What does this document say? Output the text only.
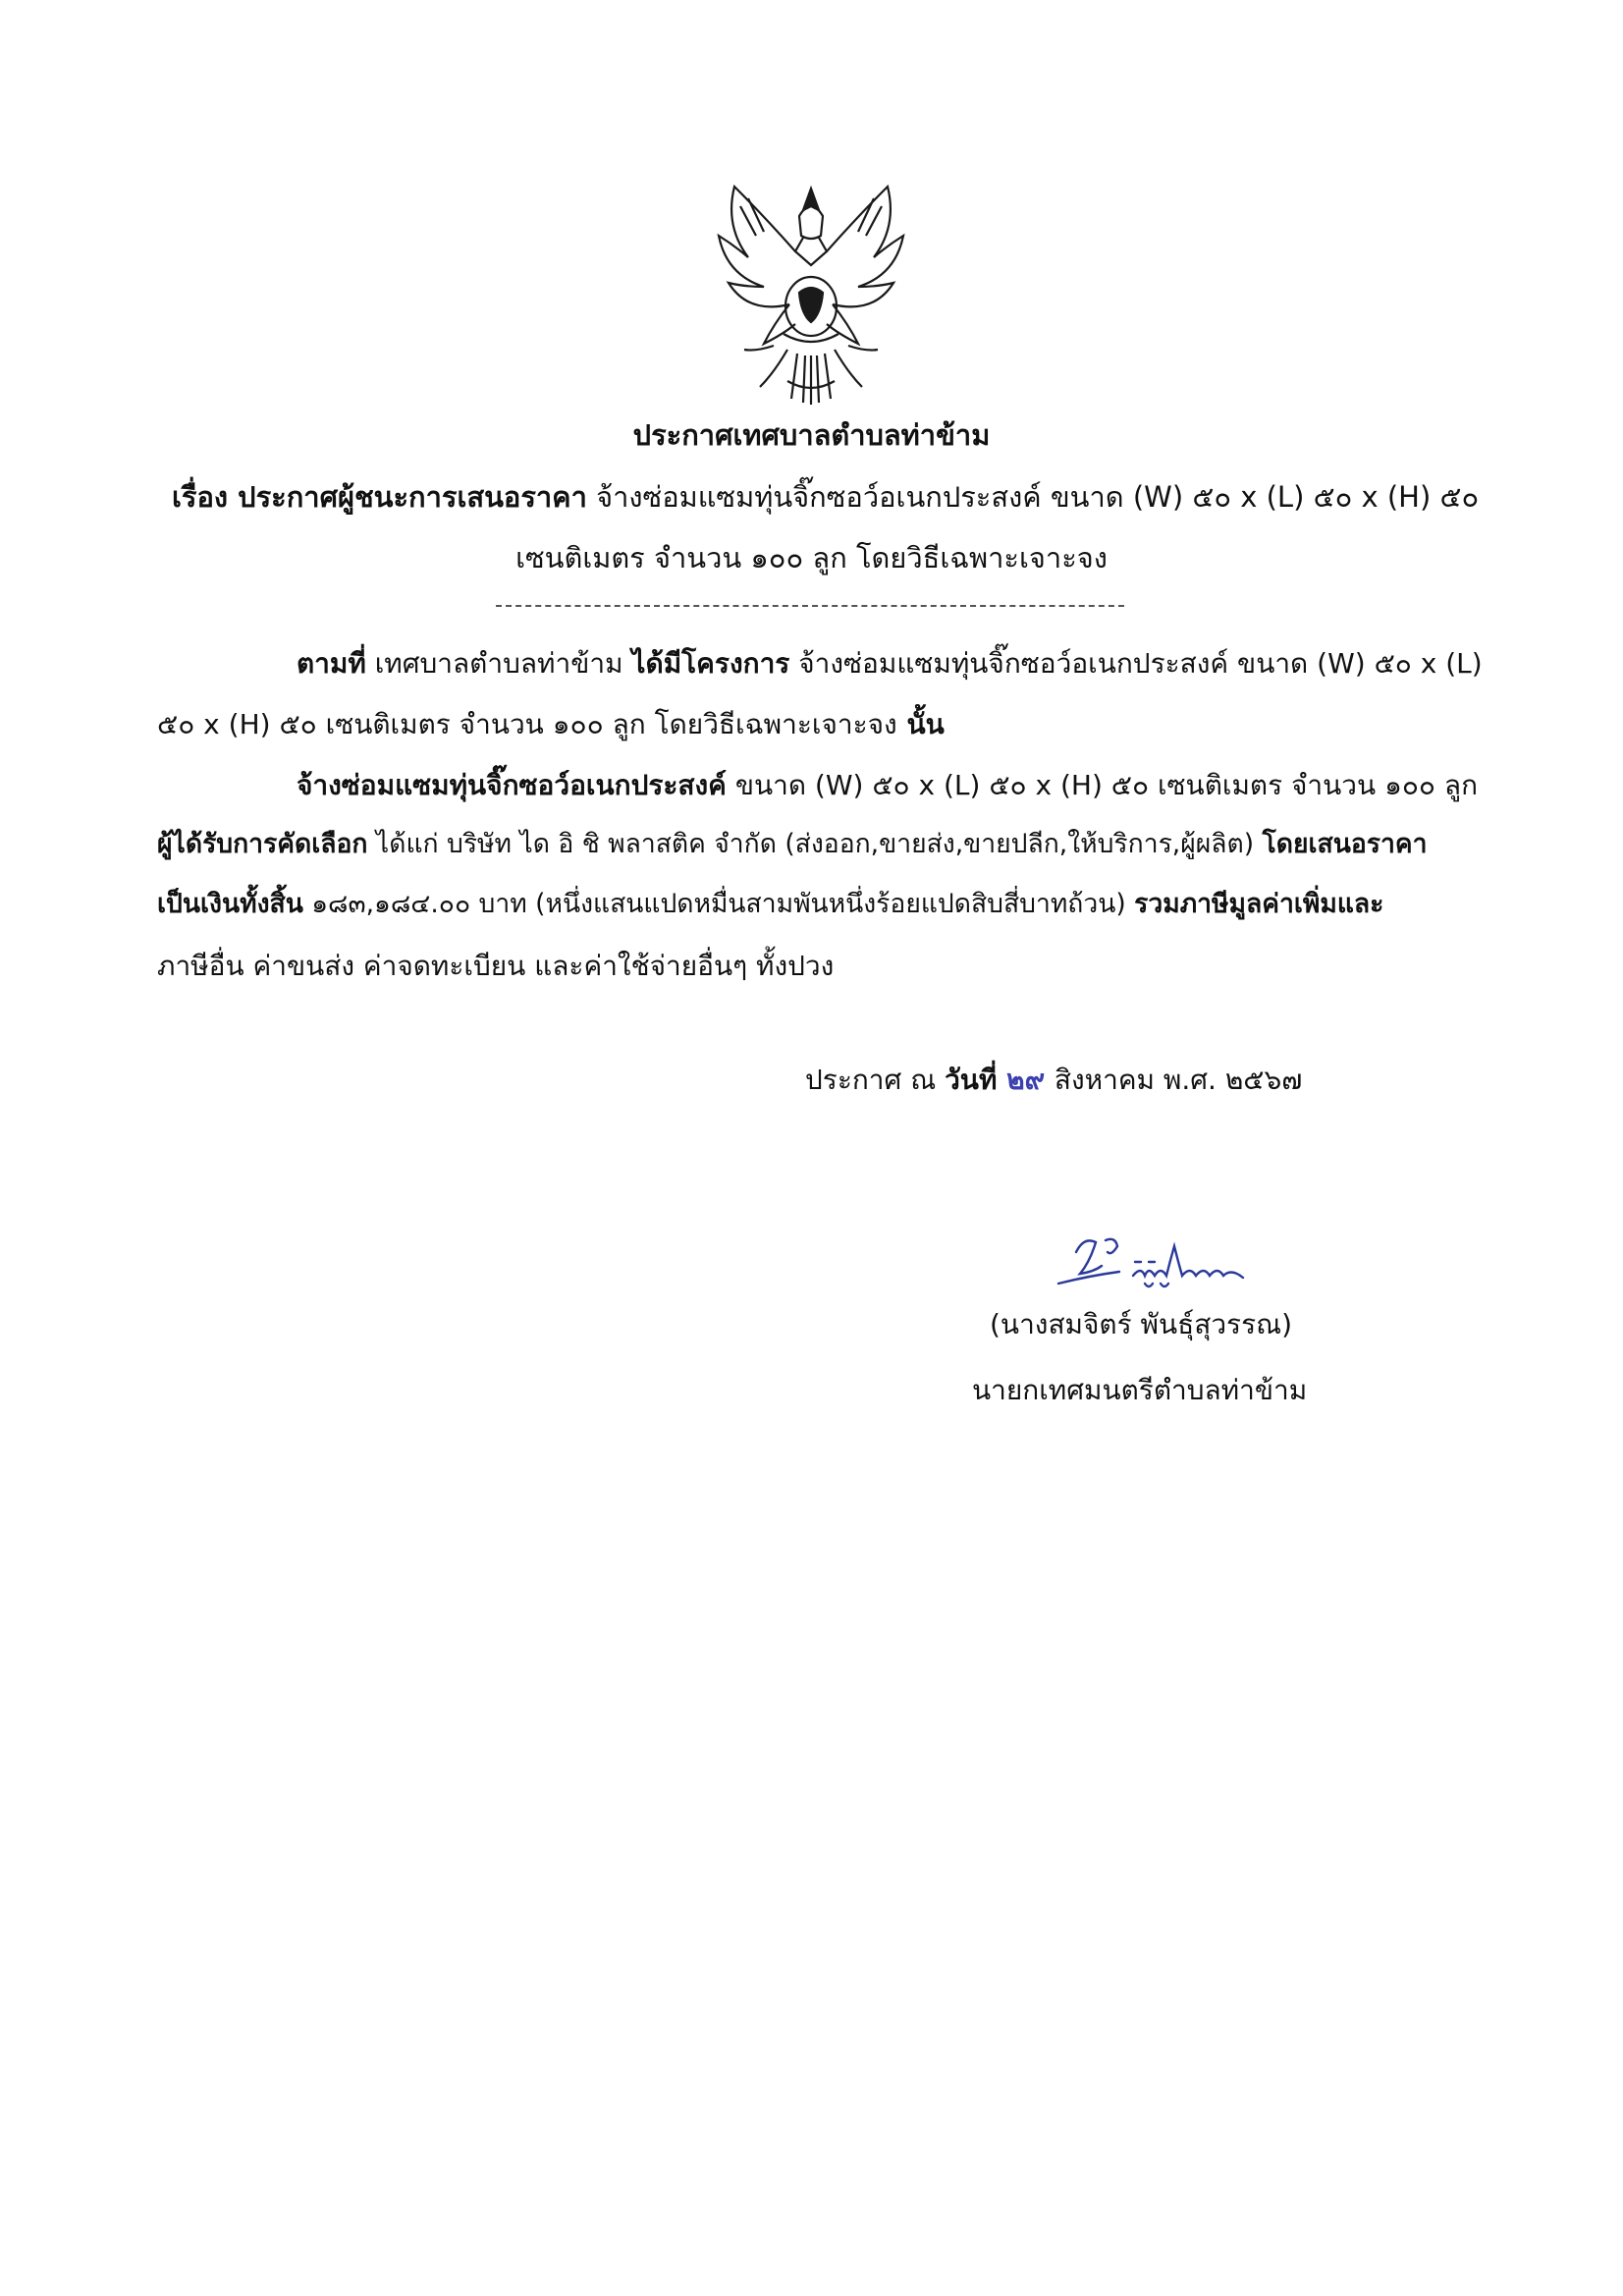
ประกาศเทศบาลตำบลท่าข้าม
เรื่อง ประกาศผู้ชนะการเสนอราคา จ้างซ่อมแซมทุ่นจิ๊กซอว์อเนกประสงค์ ขนาด (W) ๕๐ x (L) ๕๐ x (H) ๕๐
เซนติเมตร จำนวน ๑๐๐ ลูก โดยวิธีเฉพาะเจาะจง
ตามที่ เทศบาลตำบลท่าข้าม ได้มีโครงการ จ้างซ่อมแซมทุ่นจิ๊กซอว์อเนกประสงค์ ขนาด (W) ๕๐ x (L)
๕๐ x (H) ๕๐ เซนติเมตร จำนวน ๑๐๐ ลูก โดยวิธีเฉพาะเจาะจง นั้น
จ้างซ่อมแซมทุ่นจิ๊กซอว์อเนกประสงค์ ขนาด (W) ๕๐ x (L) ๕๐ x (H) ๕๐ เซนติเมตร จำนวน ๑๐๐ ลูก
ผู้ได้รับการคัดเลือก ได้แก่ บริษัท ได อิ ชิ พลาสติค จำกัด (ส่งออก,ขายส่ง,ขายปลีก,ให้บริการ,ผู้ผลิต) โดยเสนอราคา
เป็นเงินทั้งสิ้น ๑๘๓,๑๘๔.๐๐ บาท (หนึ่งแสนแปดหมื่นสามพันหนึ่งร้อยแปดสิบสี่บาทถ้วน) รวมภาษีมูลค่าเพิ่มและ
ภาษีอื่น ค่าขนส่ง ค่าจดทะเบียน และค่าใช้จ่ายอื่นๆ ทั้งปวง
ประกาศ ณ วันที่ ๒๙ สิงหาคม พ.ศ. ๒๕๖๗
(นางสมจิตร์ พันธุ์สุวรรณ)
นายกเทศมนตรีตำบลท่าข้าม
